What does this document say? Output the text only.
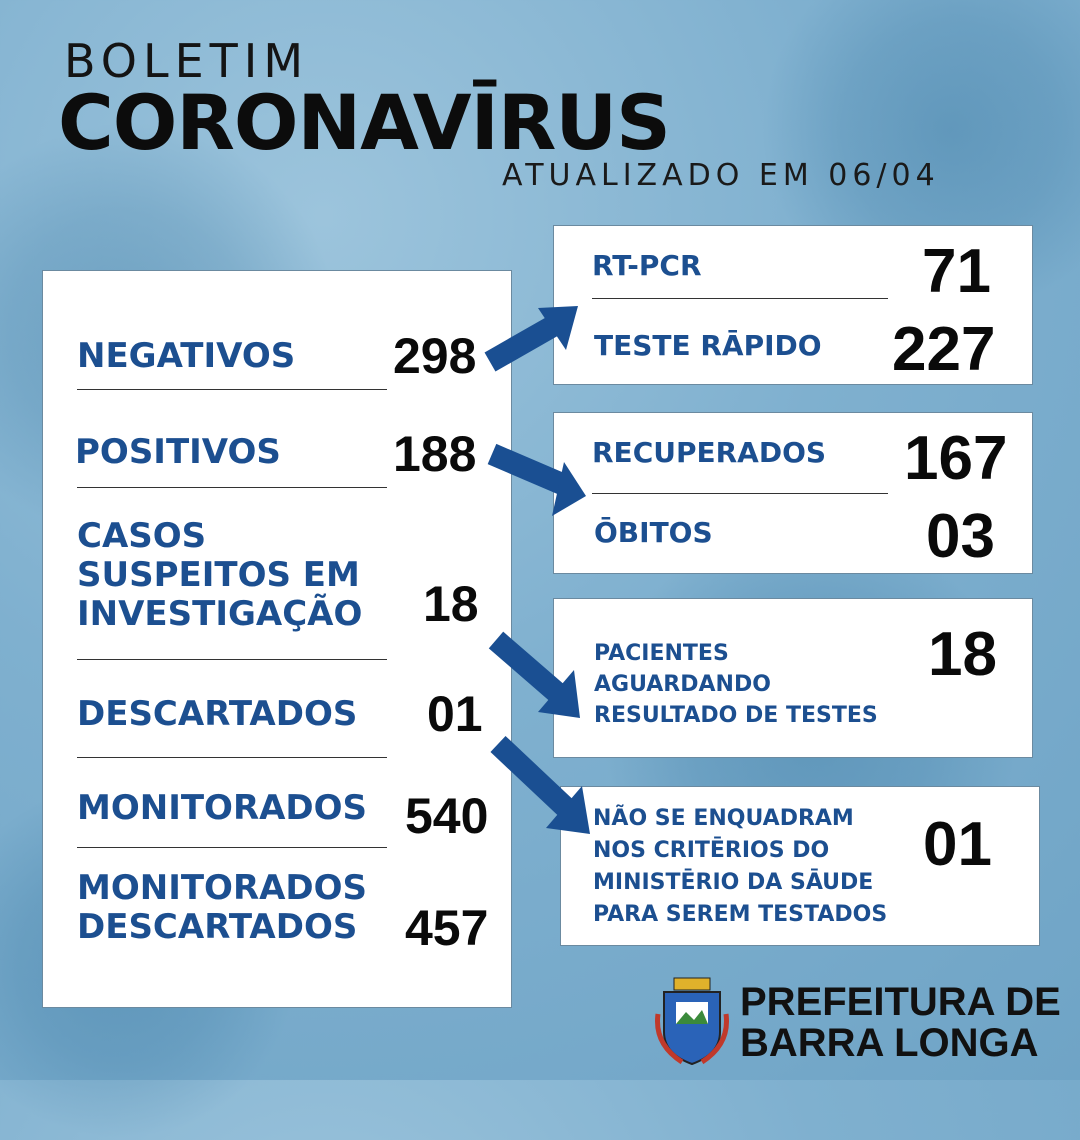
BOLETIM
CORONAVĪRUS
ATUALIZADO EM 06/04
NEGATIVOS 298
POSITIVOS 188
CASOS
SUSPEITOS EM
INVESTIGAÇÃO 18
DESCARTADOS 01
MONITORADOS 540
MONITORADOS
DESCARTADOS 457
RT-PCR	71
TESTE RĀPIDO 227
RECUPERADOS 167
ŌBITOS	03
PACIENTES
AGUARDANDO
RESULTADO DE TESTES
18
NÃO SE ENQUADRAM
NOS CRITĒRIOS DO
MINISTĒRIO DA SĀUDE
PARA SEREM TESTADOS
01
PREFEITURA DE
BARRA LONGA
